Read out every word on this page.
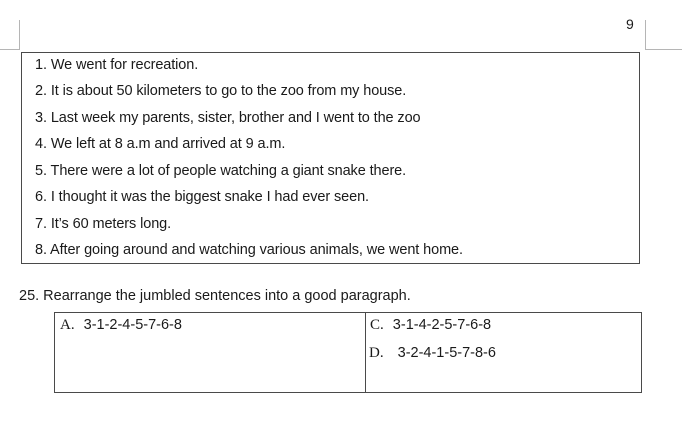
9
1. We went for recreation.
2. It is about 50 kilometers to go to the zoo from my house.
3. Last week my parents, sister, brother and I went to the zoo
4. We left at 8 a.m and arrived at 9 a.m.
5. There were a lot of people watching a giant snake there.
6. I thought it was the biggest snake I had ever seen.
7. It’s 60 meters long.
8. After going around and watching various animals, we went home.
25. Rearrange the jumbled sentences into a good paragraph.
A. 3-1-2-4-5-7-6-8	C. 3-1-4-2-5-7-6-8
D. 3-2-4-1-5-7-8-6
